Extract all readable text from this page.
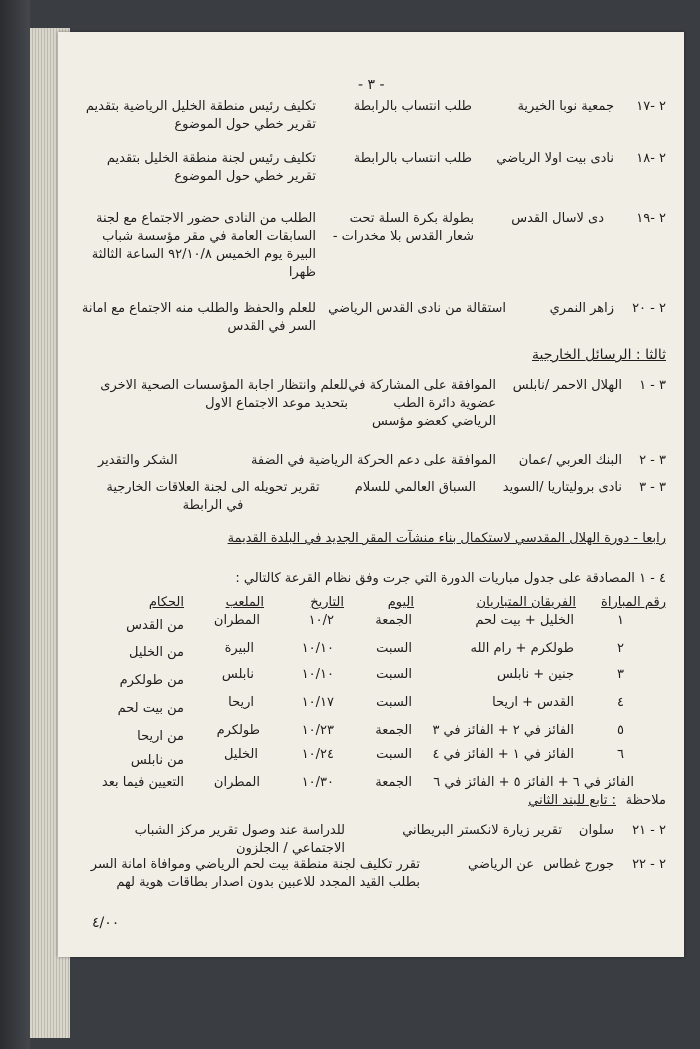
- ٣ -
٢ -١٧
جمعية نوبا الخيرية
طلب انتساب بالرابطة
تكليف رئيس منطقة الخليل الرياضية بتقديم تقرير خطي حول الموضوع
٢ -١٨
نادى بيت اولا الرياضي
طلب انتساب بالرابطة
تكليف رئيس لجنة منطقة الخليل بتقديم تقرير خطي حول الموضوع
٢ -١٩
دى لاسال القدس
بطولة بكرة السلة تحت شعار القدس بلا مخدرات -
الطلب من النادى حضور الاجتماع مع لجنة السابقات العامة في مقر مؤسسة شباب البيرة يوم الخميس ٩٢/١٠/٨ الساعة الثالثة ظهرا
٢ - ٢٠
زاهر النمري
استقالة من نادى القدس الرياضي
للعلم والحفظ والطلب منه الاجتماع مع امانة السر في القدس
ثالثا : الرسائل الخارجية
٣ - ١
الهلال الاحمر /نابلس
الموافقة على المشاركة في عضوية دائرة الطب الرياضي كعضو مؤسس
للعلم وانتظار اجابة المؤسسات الصحية الاخرى بتحديد موعد الاجتماع الاول
٣ - ٢
البنك العربي /عمان
الموافقة على دعم الحركة الرياضية في الضفة
الشكر والتقدير
٣ - ٣
نادى بروليتاريا /السويد
السباق العالمي للسلام
تقرير تحويله الى لجنة العلاقات الخارجية في الرابطة
رابعا - دورة الهلال المقدسي لاستكمال بناء منشآت المقر الجديد في البلدة القديمة
٤ - ١ المصادقة على جدول مباريات الدورة التي جرت وفق نظام القرعة كالتالي :
رقم المباراة
الفريقان المتباريان
اليوم
التاريخ
الملعب
الحكام
١
الخليل + بيت لحم
الجمعة
١٠/٢
المطران
من القدس
٢
طولكرم + رام الله
السبت
١٠/١٠
البيرة
من الخليل
٣
جنين + نابلس
السبت
١٠/١٠
نابلس
من طولكرم
٤
القدس + اريحا
السبت
١٠/١٧
اريحا
من بيت لحم
٥
الفائز في ٢ + الفائز في ٣
الجمعة
١٠/٢٣
طولكرم
من اريحا
٦
الفائز في ١ + الفائز في ٤
السبت
١٠/٢٤
الخليل
من نابلس
الفائز في ٦ + الفائز ٥ + الفائز في ٦
الجمعة
١٠/٣٠
المطران
التعيين فيما بعد
ملاحظة
: تابع للبند الثاني
٢ - ٢١
سلوان
تقرير زيارة لانكستر البريطاني
للدراسة عند وصول تقرير مركز الشباب الاجتماعي / الجلزون
٢ - ٢٢
جورج غطاس
عن الرياضي
تقرر تكليف لجنة منطقة بيت لحم الرياضي وموافاة امانة السر بطلب القيد المجدد للاعبين بدون اصدار بطاقات هوية لهم
٤/٠٠
